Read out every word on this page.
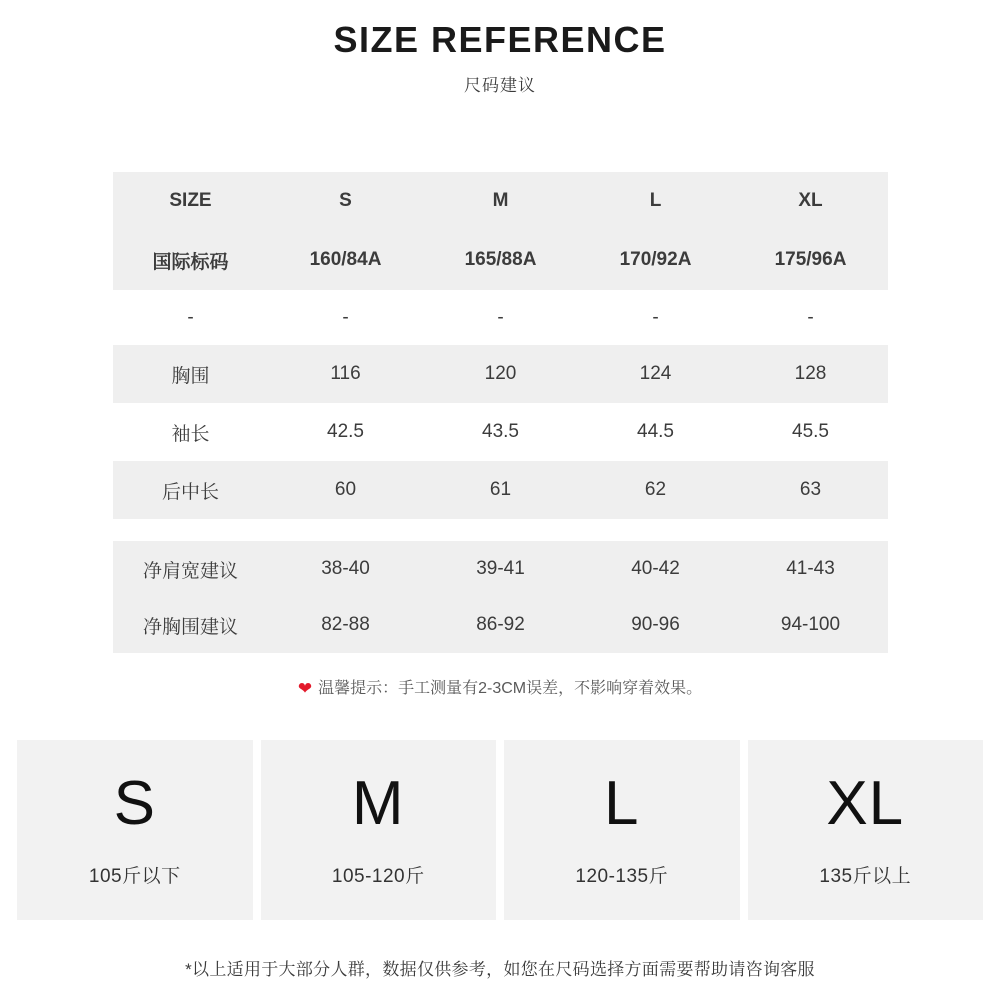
SIZE REFERENCE
尺码建议
SIZE	S	M	L	XL
国际标码	160/84A	165/88A	170/92A	175/96A
-	-	-	-	-
胸围	116	120	124	128
袖长	42.5	43.5	44.5	45.5
后中长	60	61	62	63

净肩宽建议	38-40	39-41	40-42	41-43
净胸围建议	82-88	86-92	90-96	94-100
❤ 温馨提示：手工测量有2-3CM误差，不影响穿着效果。
S
105斤以下
M
105-120斤
L
120-135斤
XL
135斤以上
*以上适用于大部分人群，数据仅供参考，如您在尺码选择方面需要帮助请咨询客服
